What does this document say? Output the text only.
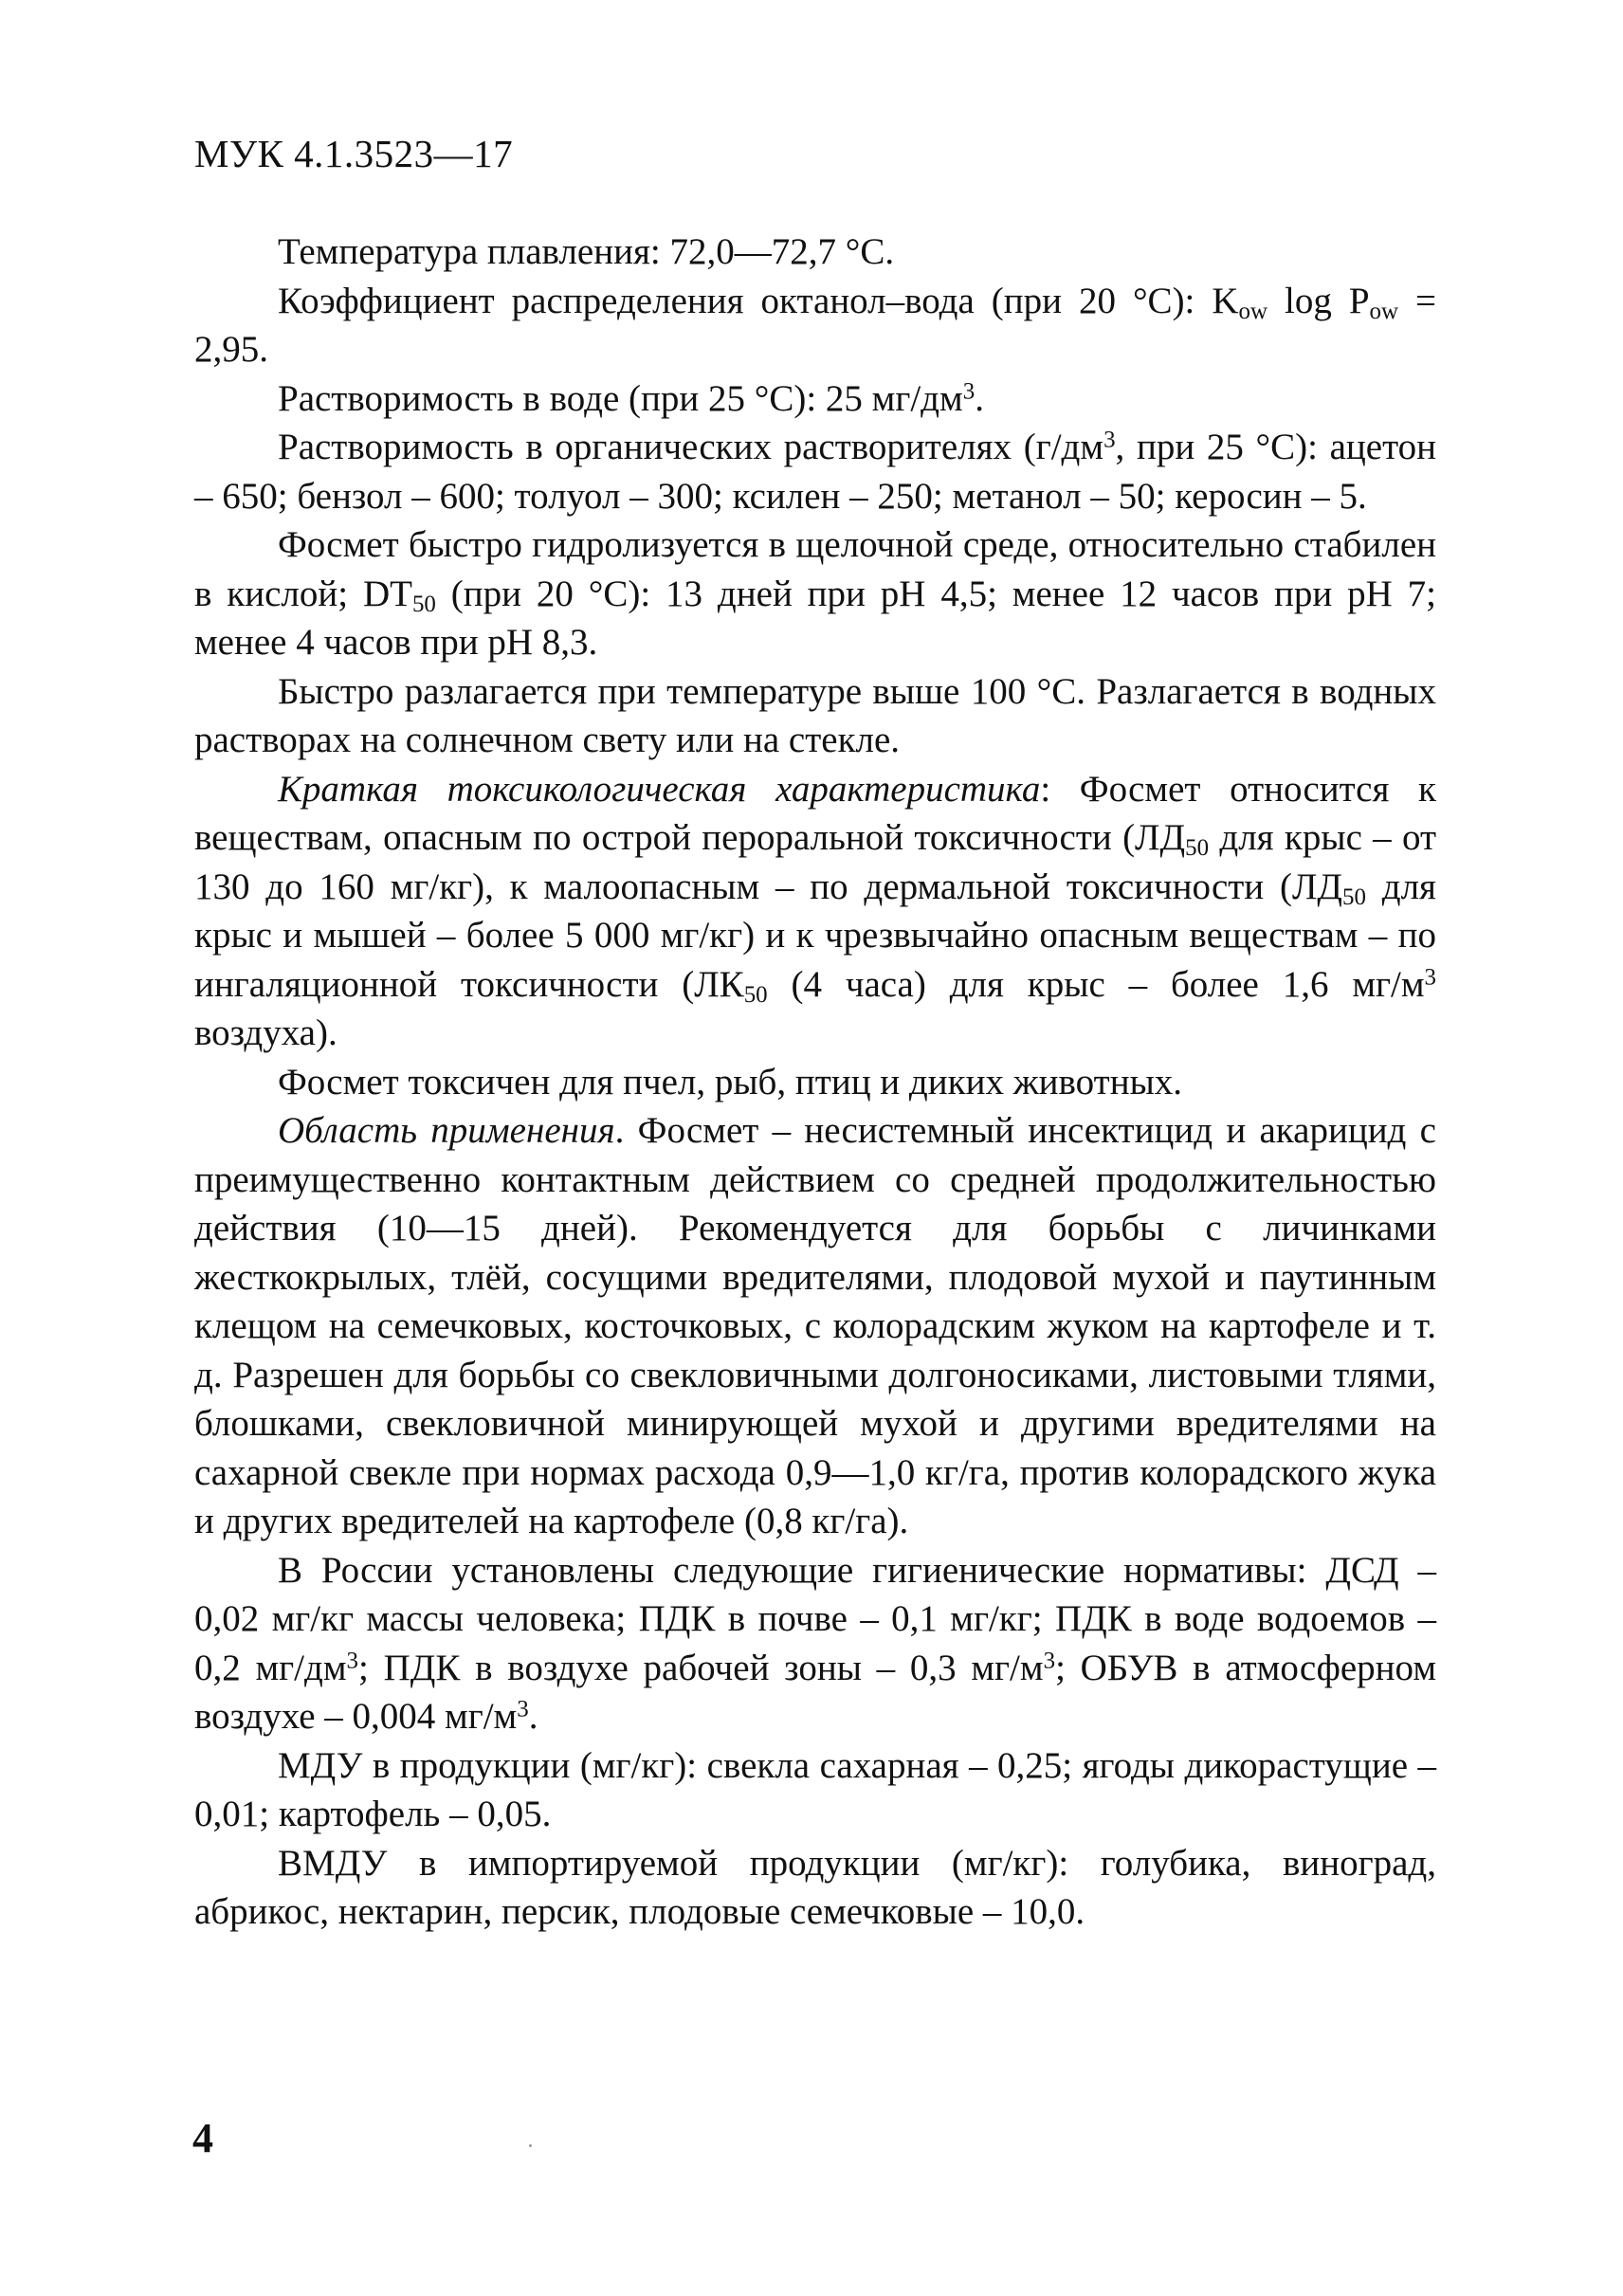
МУК 4.1.3523—17

Температура плавления: 72,0—72,7 °С.

Коэффициент распределения октанол–вода (при 20 °С): $K_{ow}$ $\log P_{ow} = 2,95$.

Растворимость в воде (при 25 °С): 25 $мг/дм^3$.

Растворимость в органических растворителях ($г/дм^3$, при 25 °С): ацетон – 650; бензол – 600; толуол – 300; ксилен – 250; метанол – 50; керосин – 5.

Фосмет быстро гидролизуется в щелочной среде, относительно стабилен в кислой; $DT_{50}$ (при 20 °С): 13 дней при pH 4,5; менее 12 часов при pH 7; менее 4 часов при pH 8,3.

Быстро разлагается при температуре выше 100 °С. Разлагается в водных растворах на солнечном свету или на стекле.

Краткая токсикологическая характеристика: Фосмет относится к веществам, опасным по острой пероральной токсичности ($ЛД_{50}$ для крыс – от 130 до 160 мг/кг), к малоопасным – по дермальной токсичности ($ЛД_{50}$ для крыс и мышей – более 5 000 мг/кг) и к чрезвычайно опасным веществам – по ингаляционной токсичности ($ЛК_{50}$ (4 часа) для крыс – более 1,6 $мг/м^3$ воздуха).

Фосмет токсичен для пчел, рыб, птиц и диких животных.

Область применения. Фосмет – несистемный инсектицид и акарицид с преимущественно контактным действием со средней продолжительностью действия (10—15 дней). Рекомендуется для борьбы с личинками жесткокрылых, тлёй, сосущими вредителями, плодовой мухой и паутинным клещом на семечковых, косточковых, с колорадским жуком на картофеле и т. д. Разрешен для борьбы со свекловичными долгоносиками, листовыми тлями, блошками, свекловичной минирующей мухой и другими вредителями на сахарной свекле при нормах расхода 0,9—1,0 кг/га, против колорадского жука и других вредителей на картофеле (0,8 кг/га).

В России установлены следующие гигиенические нормативы: ДСД – 0,02 мг/кг массы человека; ПДК в почве – 0,1 мг/кг; ПДК в воде водоемов – 0,2 $мг/дм^3$; ПДК в воздухе рабочей зоны – 0,3 $мг/м^3$; ОБУВ в атмосферном воздухе – 0,004 $мг/м^3$.

МДУ в продукции (мг/кг): свекла сахарная – 0,25; ягоды дикорастущие – 0,01; картофель – 0,05.

ВМДУ в импортируемой продукции (мг/кг): голубика, виноград, абрикос, нектарин, персик, плодовые семечковые – 10,0.

4
